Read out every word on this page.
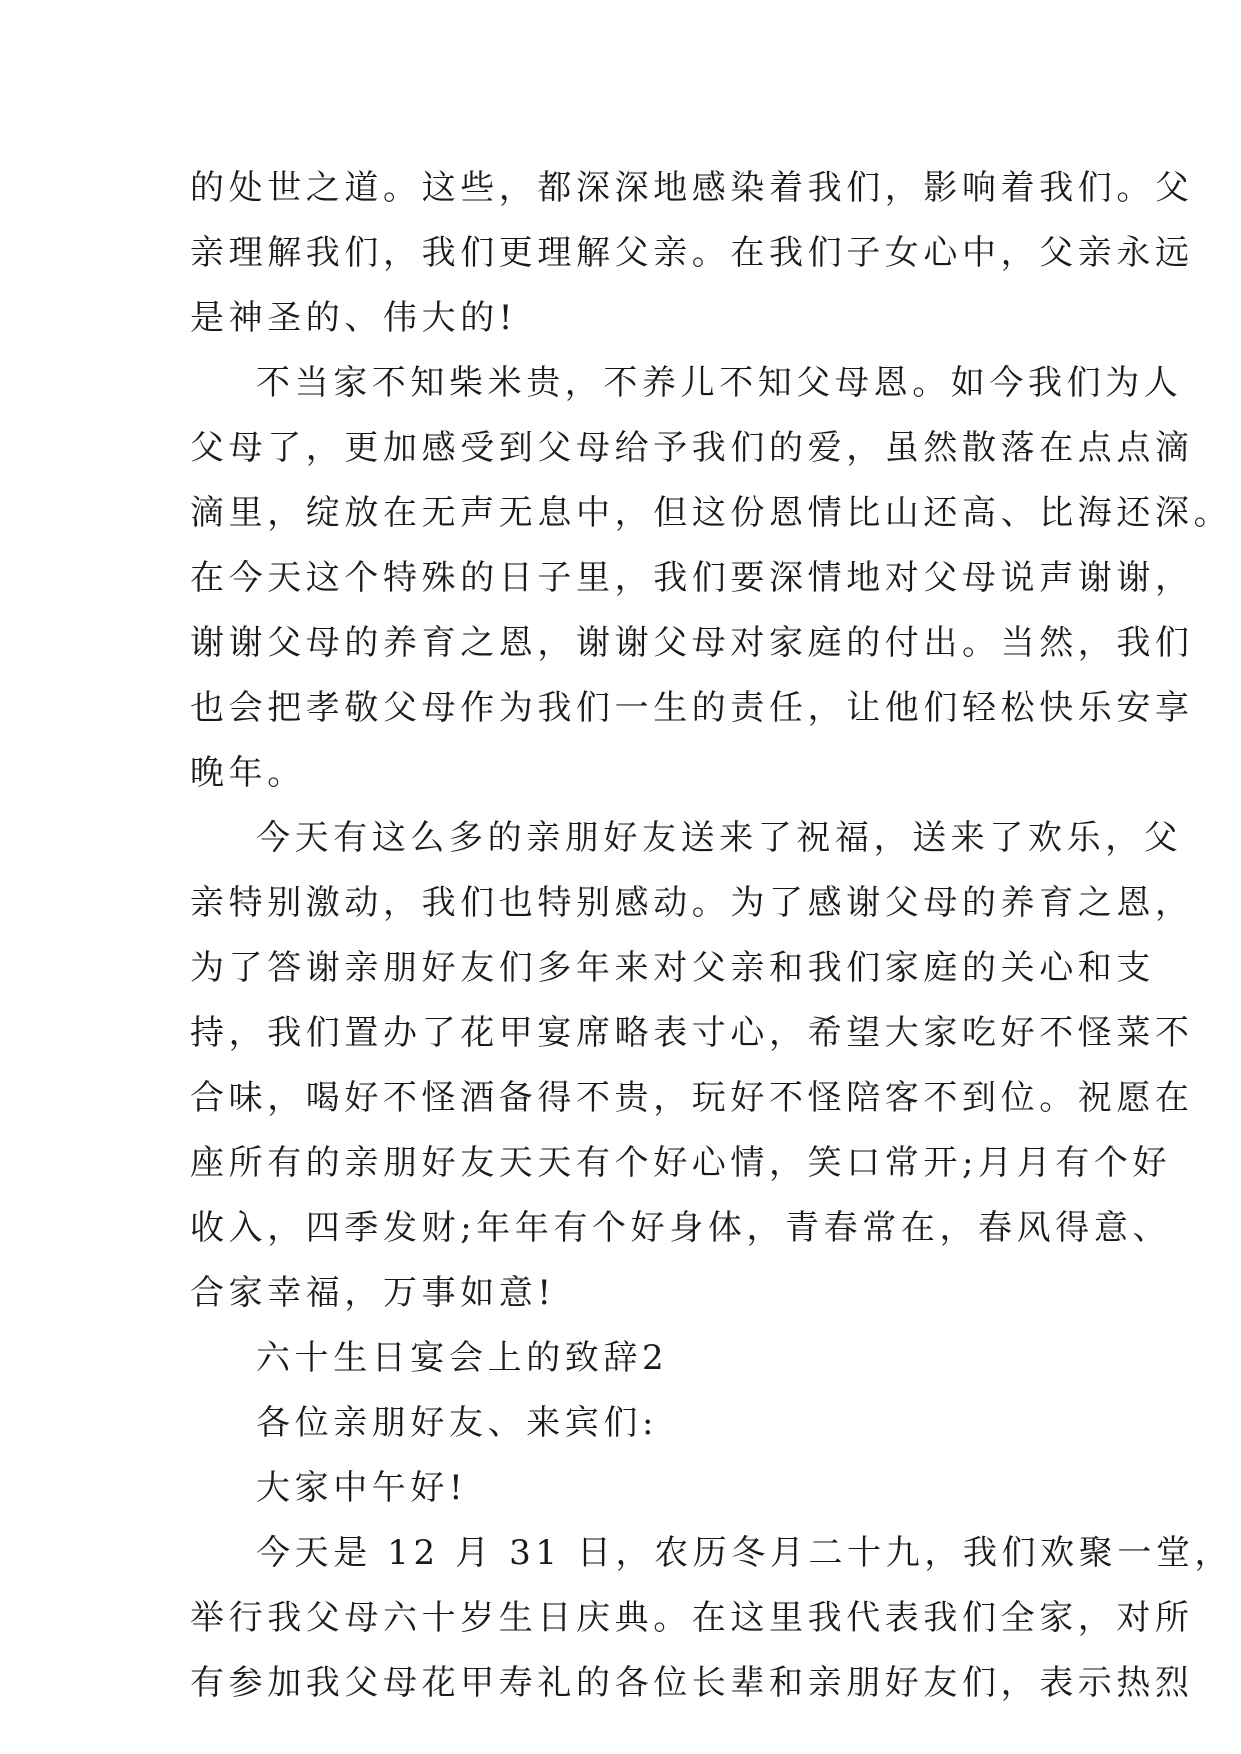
的处世之道。这些，都深深地感染着我们，影响着我们。父
亲理解我们，我们更理解父亲。在我们子女心中，父亲永远
是神圣的、伟大的!
不当家不知柴米贵，不养儿不知父母恩。如今我们为人
父母了，更加感受到父母给予我们的爱，虽然散落在点点滴
滴里，绽放在无声无息中，但这份恩情比山还高、比海还深。
在今天这个特殊的日子里，我们要深情地对父母说声谢谢，
谢谢父母的养育之恩，谢谢父母对家庭的付出。当然，我们
也会把孝敬父母作为我们一生的责任，让他们轻松快乐安享
晚年。
今天有这么多的亲朋好友送来了祝福，送来了欢乐，父
亲特别激动，我们也特别感动。为了感谢父母的养育之恩，
为了答谢亲朋好友们多年来对父亲和我们家庭的关心和支
持，我们置办了花甲宴席略表寸心，希望大家吃好不怪菜不
合味，喝好不怪酒备得不贵，玩好不怪陪客不到位。祝愿在
座所有的亲朋好友天天有个好心情，笑口常开;月月有个好
收入，四季发财;年年有个好身体，青春常在，春风得意、
合家幸福，万事如意!
六十生日宴会上的致辞2
各位亲朋好友、来宾们:
大家中午好!
今天是 12 月 31 日，农历冬月二十九，我们欢聚一堂，
举行我父母六十岁生日庆典。在这里我代表我们全家，对所
有参加我父母花甲寿礼的各位长辈和亲朋好友们，表示热烈
